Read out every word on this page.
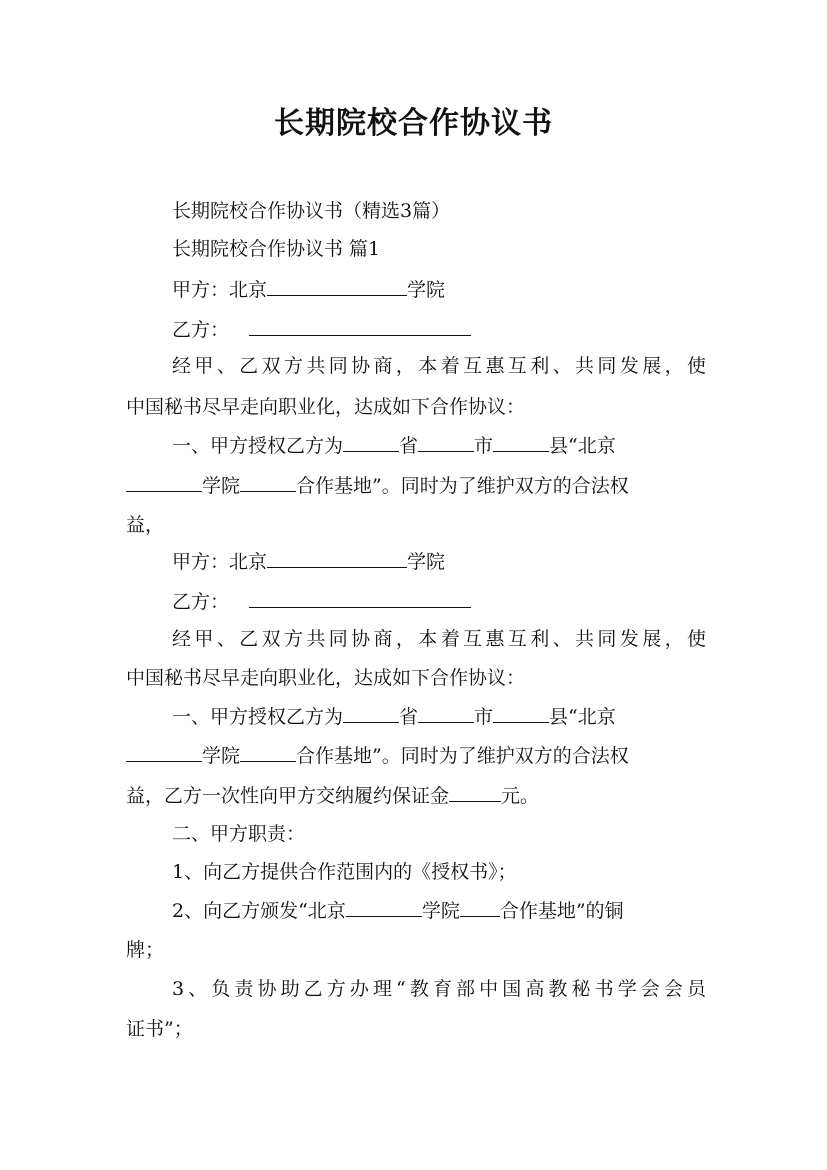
长期院校合作协议书
长期院校合作协议书（精选3篇）
长期院校合作协议书 篇1
甲方：北京	学院
乙方：
经甲、乙双方共同协商，本着互惠互利、共同发展，使
中国秘书尽早走向职业化，达成如下合作协议：
一、甲方授权乙方为	省	市	县“北京
学院	合作基地”。同时为了维护双方的合法权
益，
甲方：北京	学院
乙方：
经甲、乙双方共同协商，本着互惠互利、共同发展，使
中国秘书尽早走向职业化，达成如下合作协议：
一、甲方授权乙方为	省	市	县“北京
学院	合作基地”。同时为了维护双方的合法权
益，乙方一次性向甲方交纳履约保证金	元。
二、甲方职责：
1、向乙方提供合作范围内的《授权书》；
2、向乙方颁发“北京	学院 合作基地”的铜
牌；
3、负责协助乙方办理“教育部中国高教秘书学会会员
证书”；
